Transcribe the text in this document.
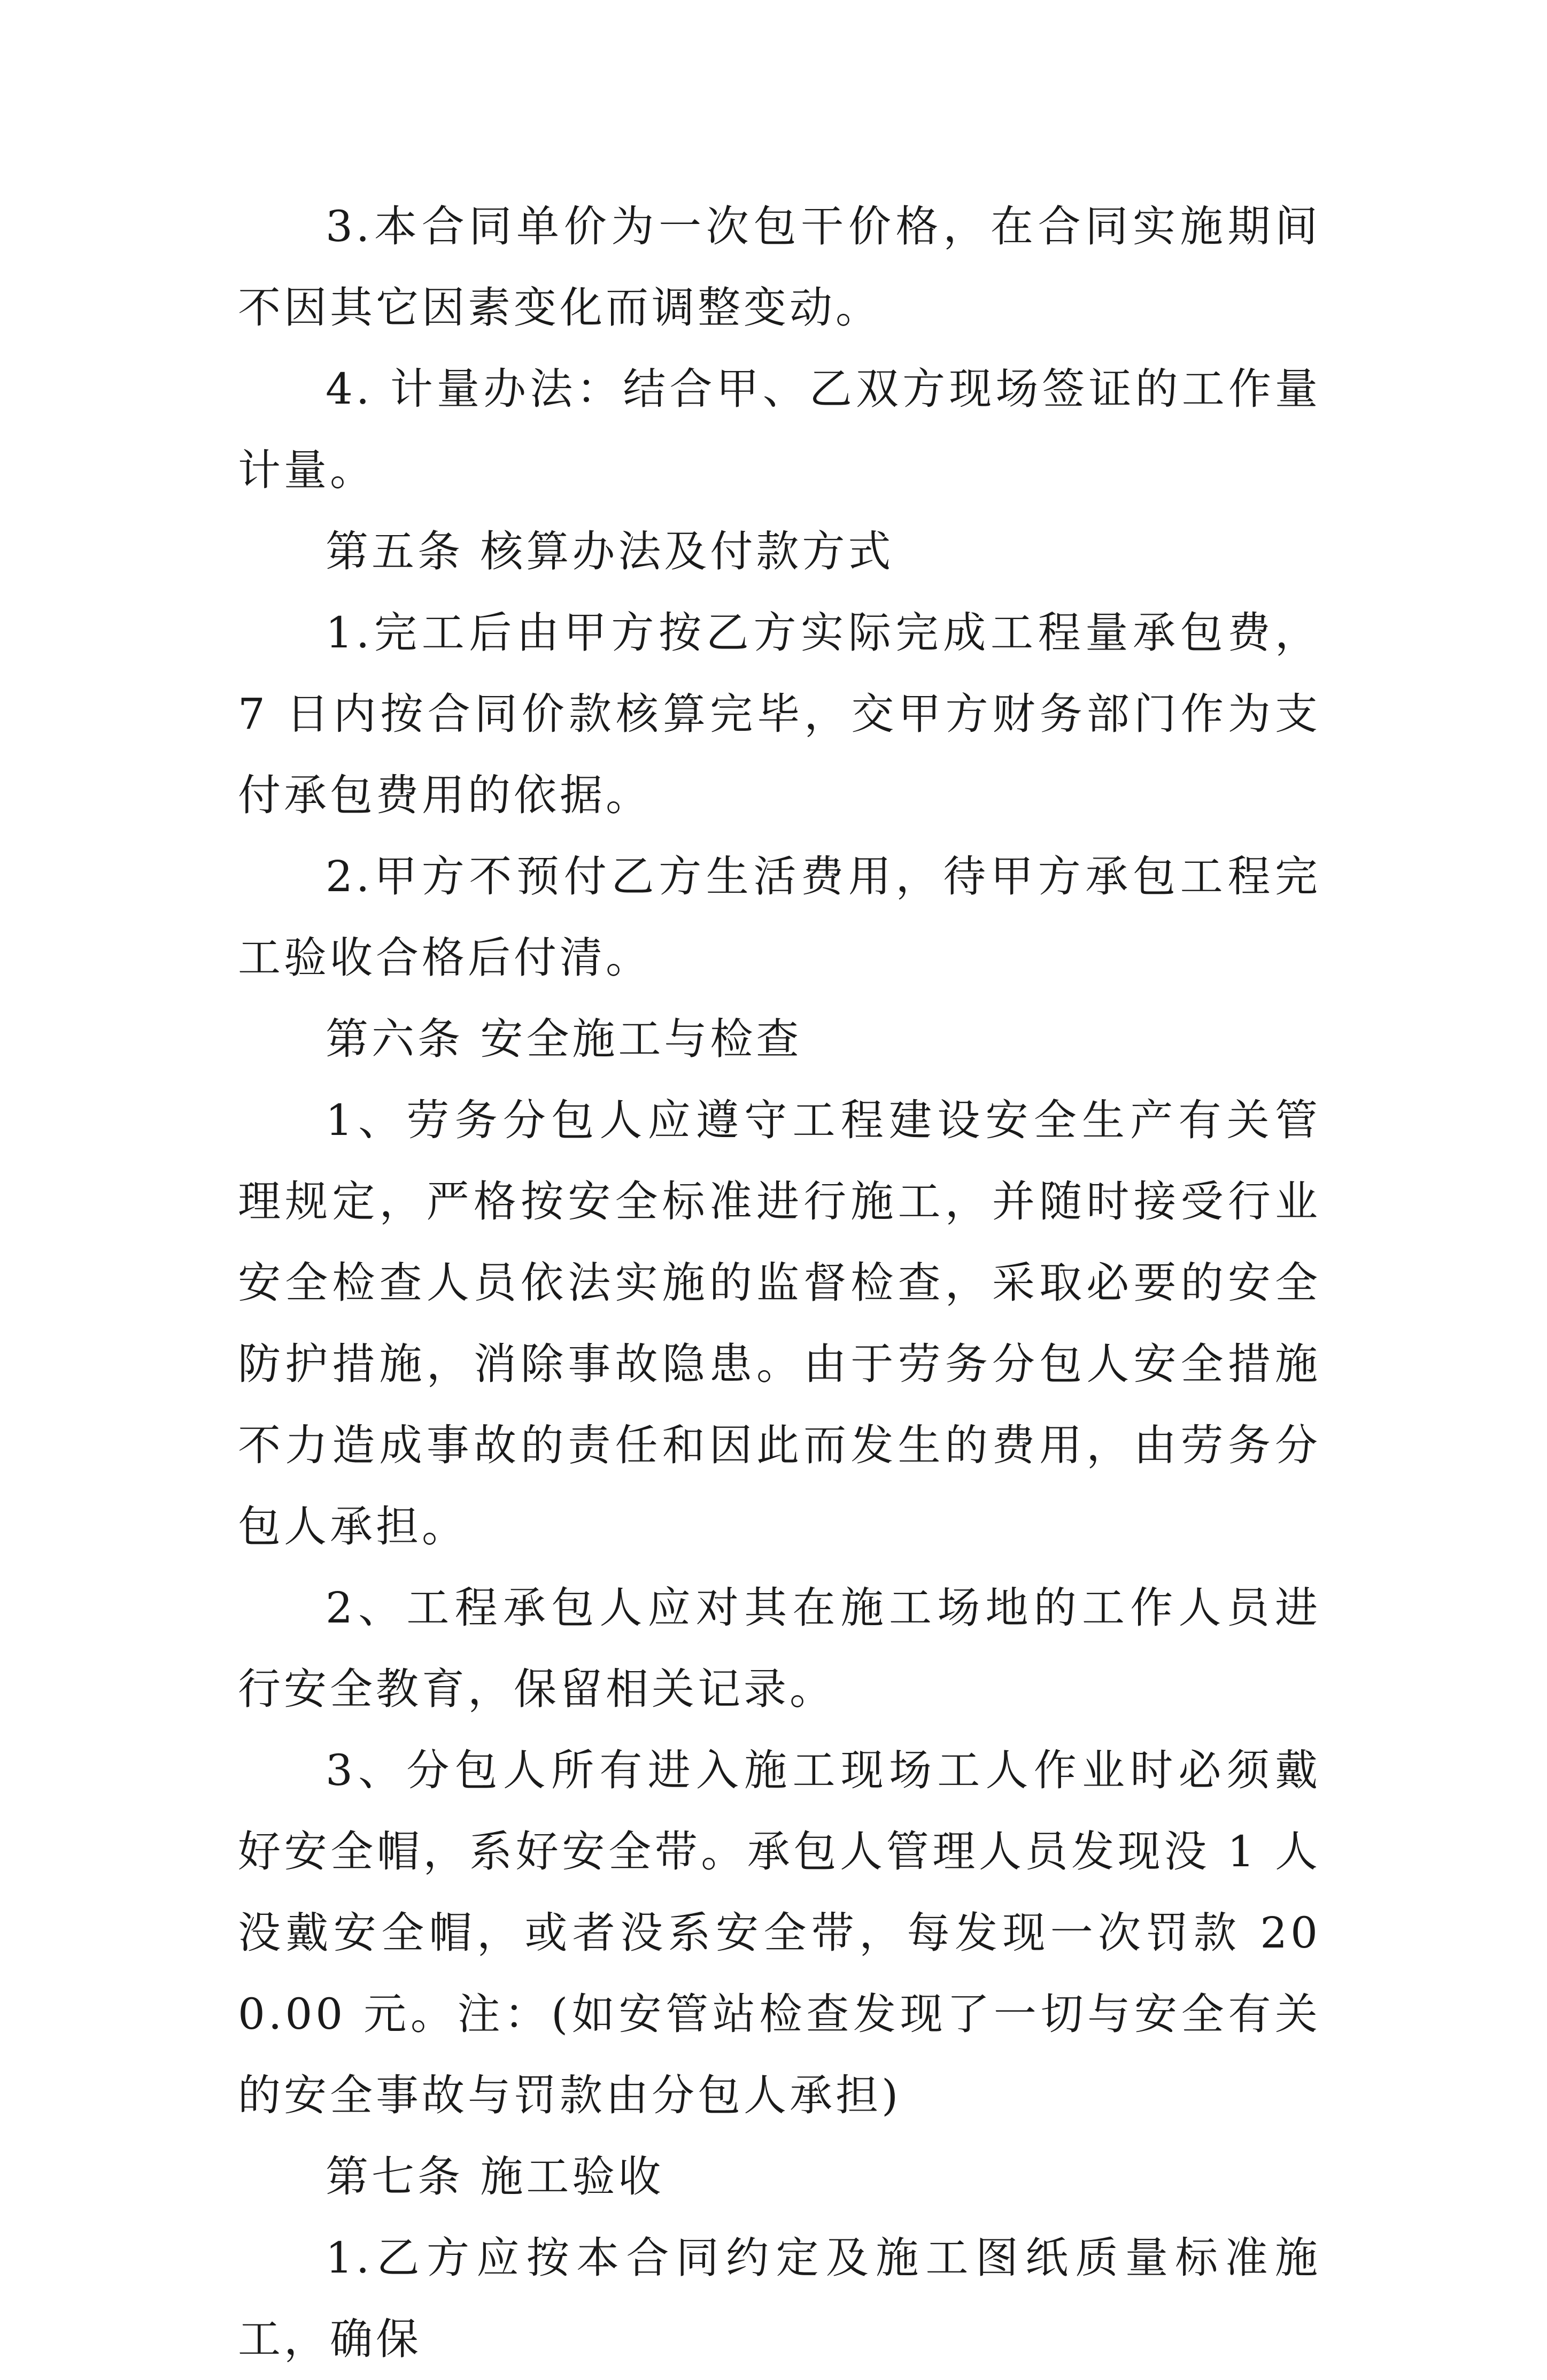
3.本合同单价为一次包干价格，在合同实施期间不因其它因素变化而调整变动。

4. 计量办法：结合甲、乙双方现场签证的工作量计量。

第五条 核算办法及付款方式

1.完工后由甲方按乙方实际完成工程量承包费，7 日内按合同价款核算完毕，交甲方财务部门作为支付承包费用的依据。

2.甲方不预付乙方生活费用，待甲方承包工程完工验收合格后付清。

第六条 安全施工与检查

1、劳务分包人应遵守工程建设安全生产有关管理规定，严格按安全标准进行施工，并随时接受行业安全检查人员依法实施的监督检查，采取必要的安全防护措施，消除事故隐患。由于劳务分包人安全措施不力造成事故的责任和因此而发生的费用，由劳务分包人承担。

2、工程承包人应对其在施工场地的工作人员进行安全教育，保留相关记录。

3、分包人所有进入施工现场工人作业时必须戴好安全帽，系好安全带。承包人管理人员发现没 1 人没戴安全帽，或者没系安全带，每发现一次罚款 200.00 元。注：(如安管站检查发现了一切与安全有关的安全事故与罚款由分包人承担)

第七条 施工验收

1.乙方应按本合同约定及施工图纸质量标准施工，确保
